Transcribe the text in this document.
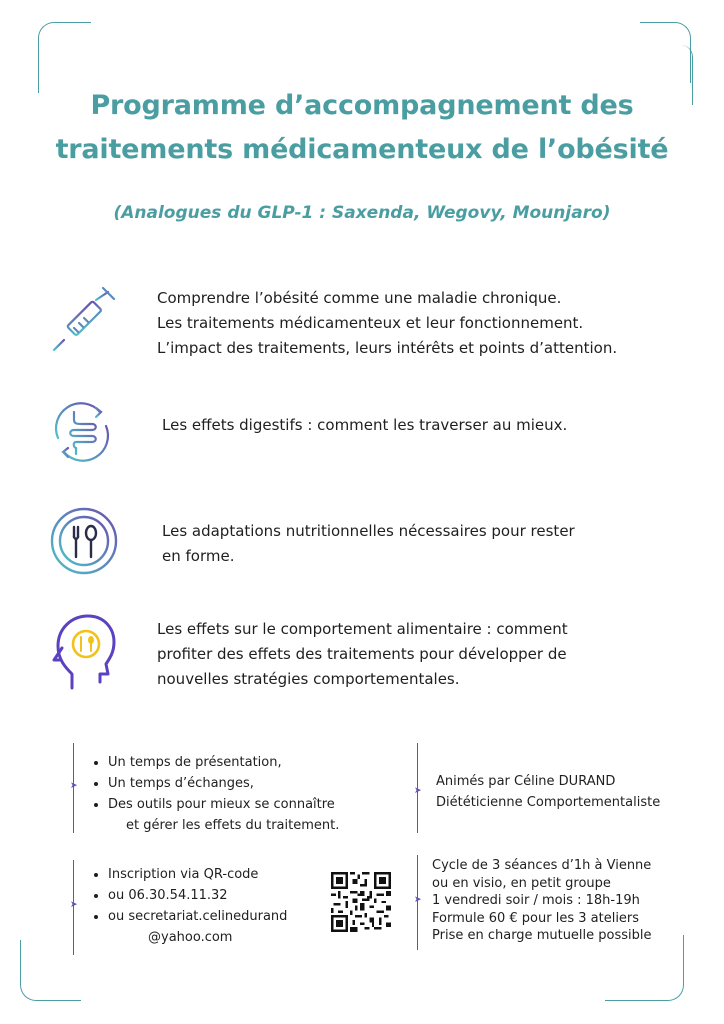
Programme d’accompagnement des
traitements médicamenteux de l’obésité
(Analogues du GLP-1 : Saxenda, Wegovy, Mounjaro)
Comprendre l’obésité comme une maladie chronique.
Les traitements médicamenteux et leur fonctionnement.
L’impact des traitements, leurs intérêts et points d’attention.
Les effets digestifs : comment les traverser au mieux.
Les adaptations nutritionnelles nécessaires pour rester
en forme.
Les effets sur le comportement alimentaire : comment
profiter des effets des traitements pour développer de
nouvelles stratégies comportementales.
➤
• Un temps de présentation,
• Un temps d’échanges,
• Des outils pour mieux se connaître
et gérer les effets du traitement.
➤
Animés par Céline DURAND
Diététicienne Comportementaliste
➤
• Inscription via QR-code
• ou 06.30.54.11.32
• ou secretariat.celinedurand
@yahoo.com
➤
Cycle de 3 séances d’1h à Vienne
ou en visio, en petit groupe
1 vendredi soir / mois : 18h-19h
Formule 60 € pour les 3 ateliers
Prise en charge mutuelle possible
